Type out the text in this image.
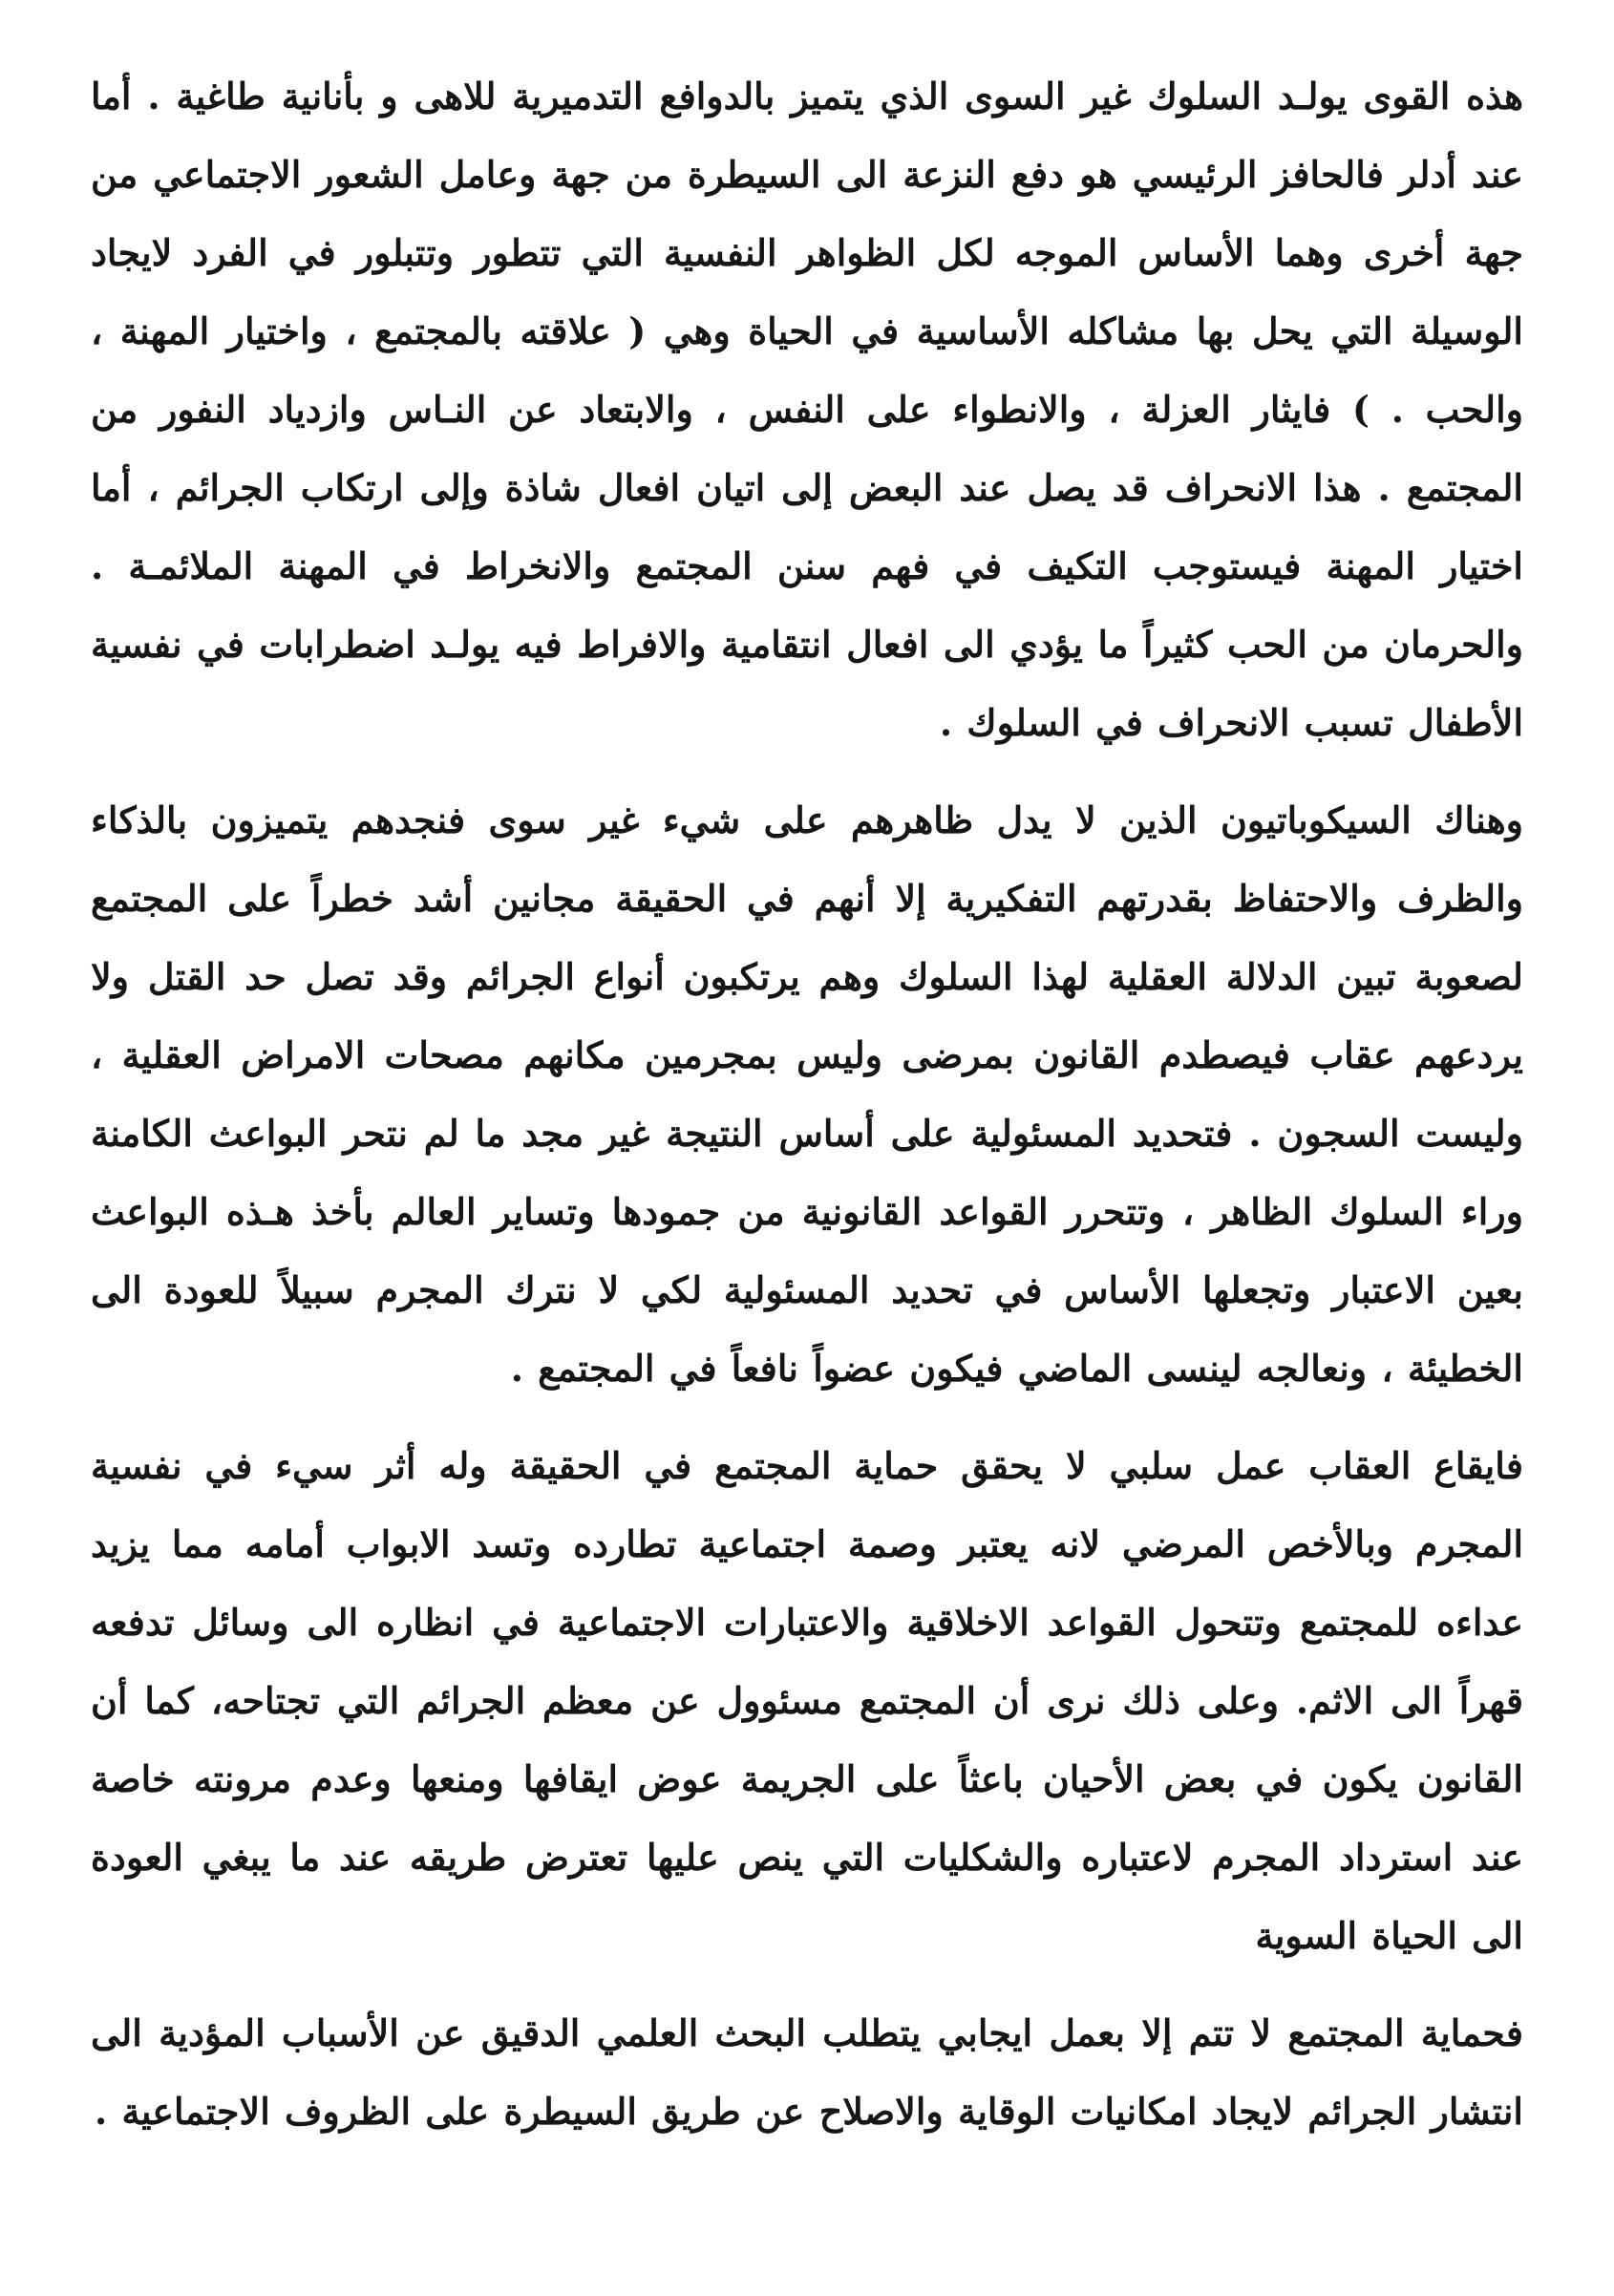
هذه القوى يولـد السلوك غير السوى الذي يتميز بالدوافع التدميرية للاهى و بأنانية طاغية . أما عند أدلر فالحافز الرئيسي هو دفع النزعة الى السيطرة من جهة وعامل الشعور الاجتماعي من جهة أخرى وهما الأساس الموجه لكل الظواهر النفسية التي تتطور وتتبلور في الفرد لايجاد الوسيلة التي يحل بها مشاكله الأساسية في الحياة وهي ( علاقته بالمجتمع ، واختيار المهنة ، والحب . ) فايثار العزلة ، والانطواء على النفس ، والابتعاد عن النـاس وازدياد النفور من المجتمع . هذا الانحراف قد يصل عند البعض إلى اتيان افعال شاذة وإلى ارتكاب الجرائم ، أما اختيار المهنة فيستوجب التكيف في فهم سنن المجتمع والانخراط في المهنة الملائمـة . والحرمان من الحب كثيراً ما يؤدي الى افعال انتقامية والافراط فيه يولـد اضطرابات في نفسية الأطفال تسبب الانحراف في السلوك .

وهناك السيكوباتيون الذين لا يدل ظاهرهم على شيء غير سوى فنجدهم يتميزون بالذكاء والظرف والاحتفاظ بقدرتهم التفكيرية إلا أنهم في الحقيقة مجانين أشد خطراً على المجتمع لصعوبة تبين الدلالة العقلية لهذا السلوك وهم يرتكبون أنواع الجرائم وقد تصل حد القتل ولا يردعهم عقاب فيصطدم القانون بمرضى وليس بمجرمين مكانهم مصحات الامراض العقلية ، وليست السجون . فتحديد المسئولية على أساس النتيجة غير مجد ما لم نتحر البواعث الكامنة وراء السلوك الظاهر ، وتتحرر القواعد القانونية من جمودها وتساير العالم بأخذ هـذه البواعث بعين الاعتبار وتجعلها الأساس في تحديد المسئولية لكي لا نترك المجرم سبيلاً للعودة الى الخطيئة ، ونعالجه لينسى الماضي فيكون عضواً نافعاً في المجتمع .

فايقاع العقاب عمل سلبي لا يحقق حماية المجتمع في الحقيقة وله أثر سيء في نفسية المجرم وبالأخص المرضي لانه يعتبر وصمة اجتماعية تطارده وتسد الابواب أمامه مما يزيد عداءه للمجتمع وتتحول القواعد الاخلاقية والاعتبارات الاجتماعية في انظاره الى وسائل تدفعه قهراً الى الاثم. وعلى ذلك نرى أن المجتمع مسئوول عن معظم الجرائم التي تجتاحه، كما أن القانون يكون في بعض الأحيان باعثاً على الجريمة عوض ايقافها ومنعها وعدم مرونته خاصة عند استرداد المجرم لاعتباره والشكليات التي ينص عليها تعترض طريقه عند ما يبغي العودة الى الحياة السوية

فحماية المجتمع لا تتم إلا بعمل ايجابي يتطلب البحث العلمي الدقيق عن الأسباب المؤدية الى انتشار الجرائم لايجاد امكانيات الوقاية والاصلاح عن طريق السيطرة على الظروف الاجتماعية .
